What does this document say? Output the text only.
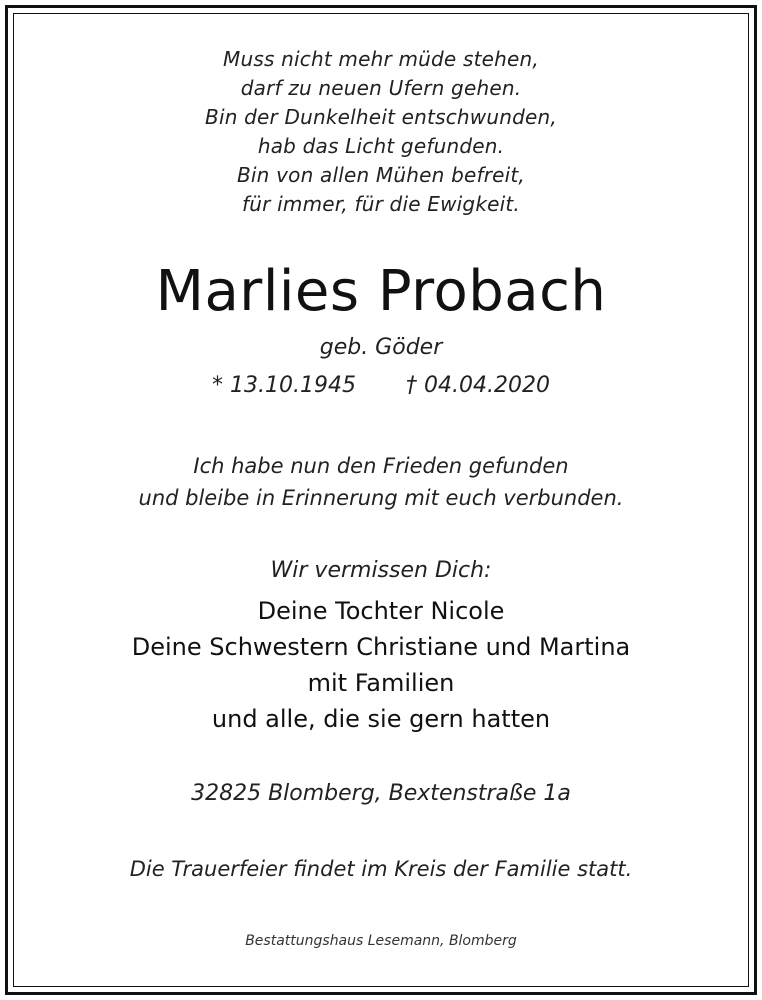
Muss nicht mehr müde stehen,
darf zu neuen Ufern gehen.
Bin der Dunkelheit entschwunden,
hab das Licht gefunden.
Bin von allen Mühen befreit,
für immer, für die Ewigkeit.
Marlies Probach
geb. Göder
* 13.10.1945 † 04.04.2020
Ich habe nun den Frieden gefunden
und bleibe in Erinnerung mit euch verbunden.
Wir vermissen Dich:
Deine Tochter Nicole
Deine Schwestern Christiane und Martina
mit Familien
und alle, die sie gern hatten
32825 Blomberg, Bextenstraße 1a
Die Trauerfeier findet im Kreis der Familie statt.
Bestattungshaus Lesemann, Blomberg
